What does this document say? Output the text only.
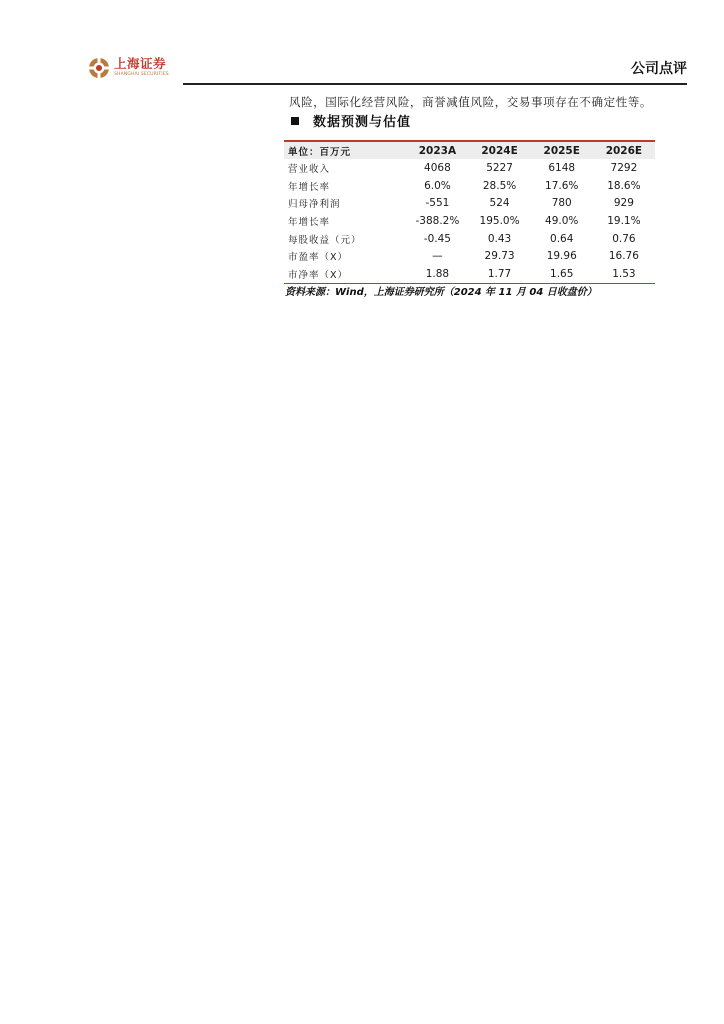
上海证券
SHANGHAI SECURITIES	公司点评
风险，国际化经营风险，商誉减值风险，交易事项存在不确定性等。
数据预测与估值

单位：百万元	2023A	2024E	2025E	2026E
营业收入	4068	5227	6148	7292
年增长率	6.0%	28.5%	17.6%	18.6%
归母净利润	-551	524	780	929
年增长率	-388.2%	195.0%	49.0%	19.1%
每股收益（元）	-0.45	0.43	0.64	0.76
市盈率（X）	—	29.73	19.96	16.76
市净率（X）	1.88	1.77	1.65	1.53
资料来源：Wind，上海证券研究所（2024 年 11 月 04 日收盘价）
